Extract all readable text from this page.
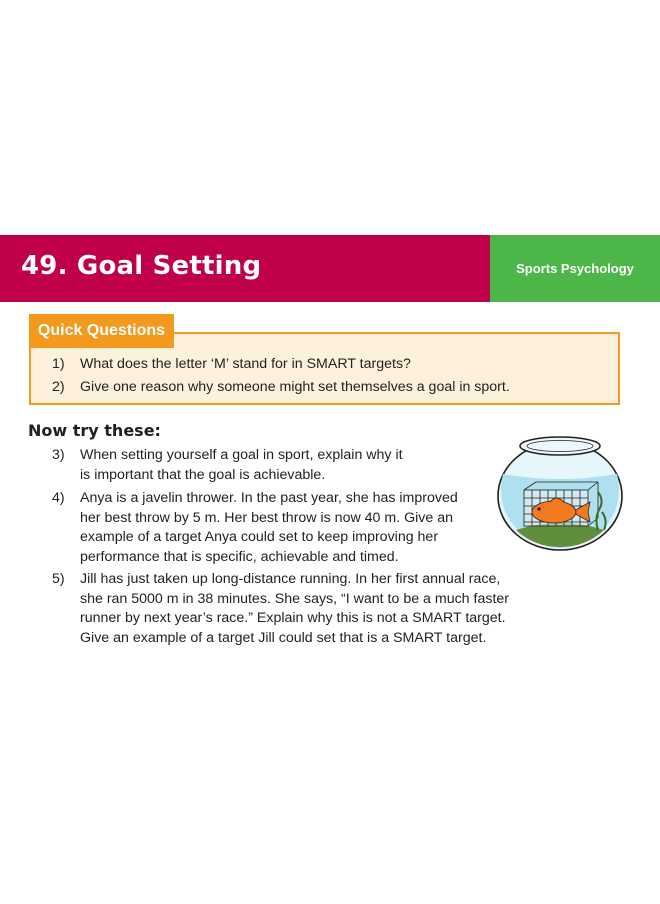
49. Goal Setting	Sports Psychology
Quick Questions
1)	What does the letter ‘M’ stand for in SMART targets?
2)	Give one reason why someone might set themselves a goal in sport.
Now try these:
3)	When setting yourself a goal in sport, explain why it
is important that the goal is achievable.
4)	Anya is a javelin thrower. In the past year, she has improved
her best throw by 5 m. Her best throw is now 40 m. Give an
example of a target Anya could set to keep improving her
performance that is specific, achievable and timed.
5)	Jill has just taken up long-distance running. In her first annual race,
she ran 5000 m in 38 minutes. She says, “I want to be a much faster
runner by next year’s race.” Explain why this is not a SMART target.
Give an example of a target Jill could set that is a SMART target.
